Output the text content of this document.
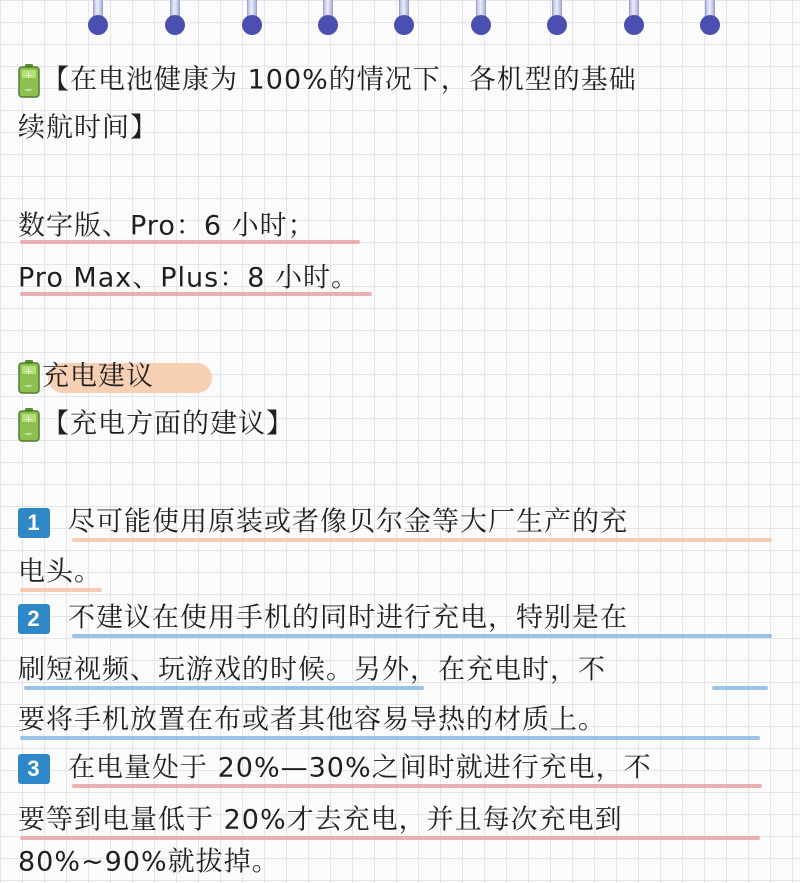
+
− 【在电池健康为 100%的情况下，各机型的基础
续航时间】
数字版、Pro：6 小时；
Pro Max、Plus：8 小时。
+
− 充电建议
+
− 【充电方面的建议】
1 尽可能使用原装或者像贝尔金等大厂生产的充
电头。
2 不建议在使用手机的同时进行充电，特别是在
刷短视频、玩游戏的时候。另外，在充电时，不
要将手机放置在布或者其他容易导热的材质上。
3 在电量处于 20%—30%之间时就进行充电，不
要等到电量低于 20%才去充电，并且每次充电到
80%~90%就拔掉。
